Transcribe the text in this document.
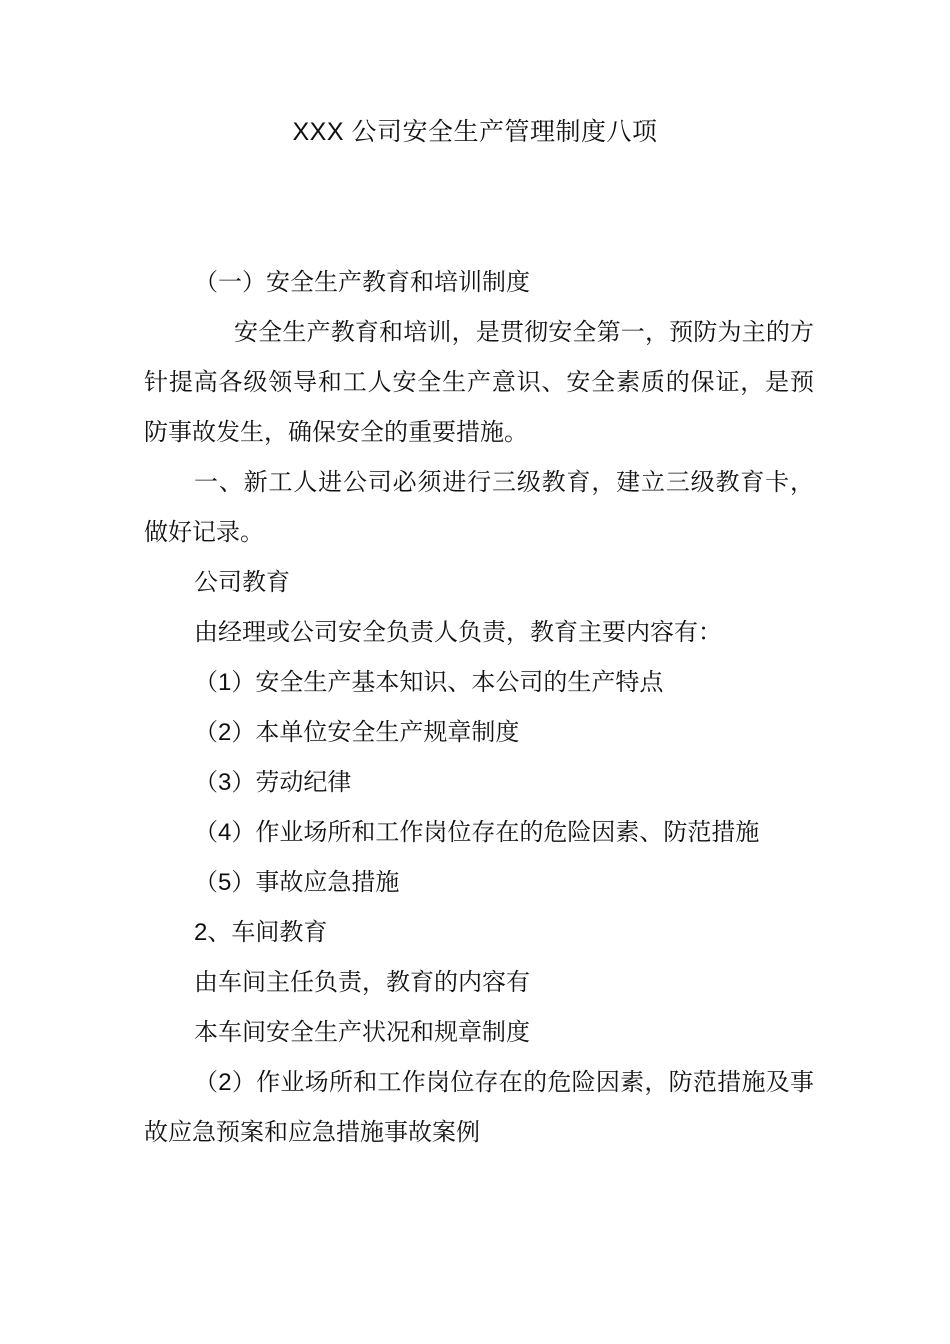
XXX 公司安全生产管理制度八项

（一）安全生产教育和培训制度

安全生产教育和培训，是贯彻安全第一，预防为主的方针提高各级领导和工人安全生产意识、安全素质的保证，是预防事故发生，确保安全的重要措施。

一、新工人进公司必须进行三级教育，建立三级教育卡，做好记录。

公司教育

由经理或公司安全负责人负责，教育主要内容有：

（1）安全生产基本知识、本公司的生产特点

（2）本单位安全生产规章制度

（3）劳动纪律

（4）作业场所和工作岗位存在的危险因素、防范措施

（5）事故应急措施

2、车间教育

由车间主任负责，教育的内容有

本车间安全生产状况和规章制度

（2）作业场所和工作岗位存在的危险因素，防范措施及事故应急预案和应急措施事故案例
